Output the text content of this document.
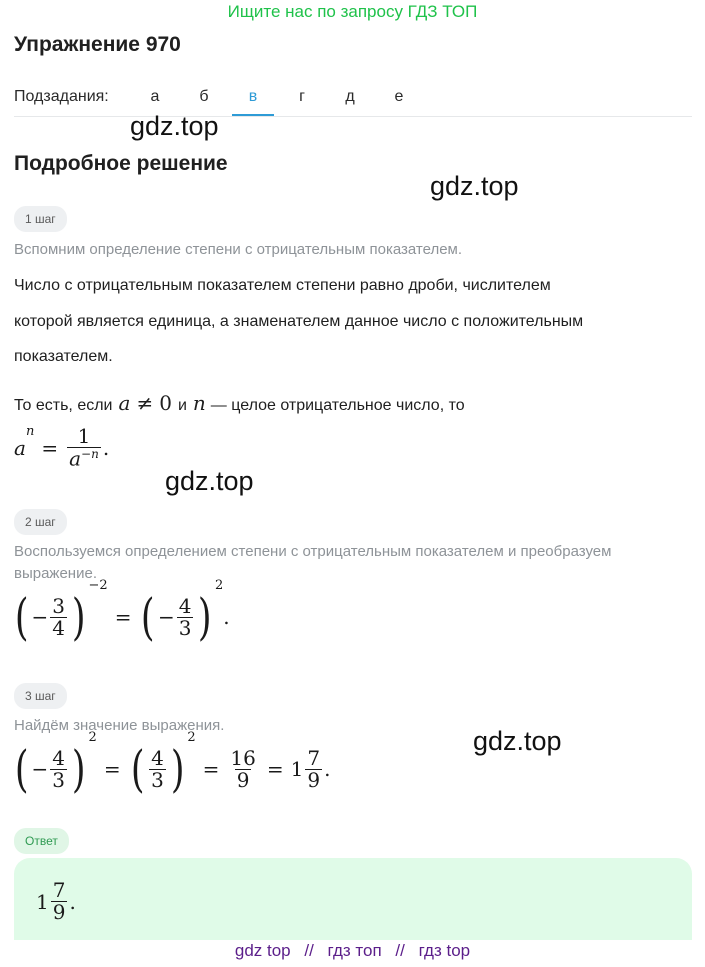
Ищите нас по запросу ГДЗ ТОП
Упражнение 970
Подзадания:	а	б	в	г	д	е
gdz.top
gdz.top
gdz.top
gdz.top
Подробное решение
1 шаг
Вспомним определение степени с отрицательным показателем.
Число с отрицательным показателем степени равно дроби, числителем
которой является единица, а знаменателем данное число с положительным
показателем.
То есть, если a ≠ 0 и n — целое отрицательное число, то
a
n
= $\frac{1}{a^{-n}}$ .
2 шаг
Воспользуемся определением степени с отрицательным показателем и преобразуем выражение.
( − $\frac{3}{4}$ )
−2
= ( − $\frac{4}{3}$ )
2
.
3 шаг
Найдём значение выражения.
( − $\frac{4}{3}$ )
2
= ( $\frac{4}{3}$ )
2
= $\frac{16}{9} = 1 \frac{7}{9}$ .
Ответ
$1 \frac{7}{9}$ .
gdz top // гдз топ // гдз top
